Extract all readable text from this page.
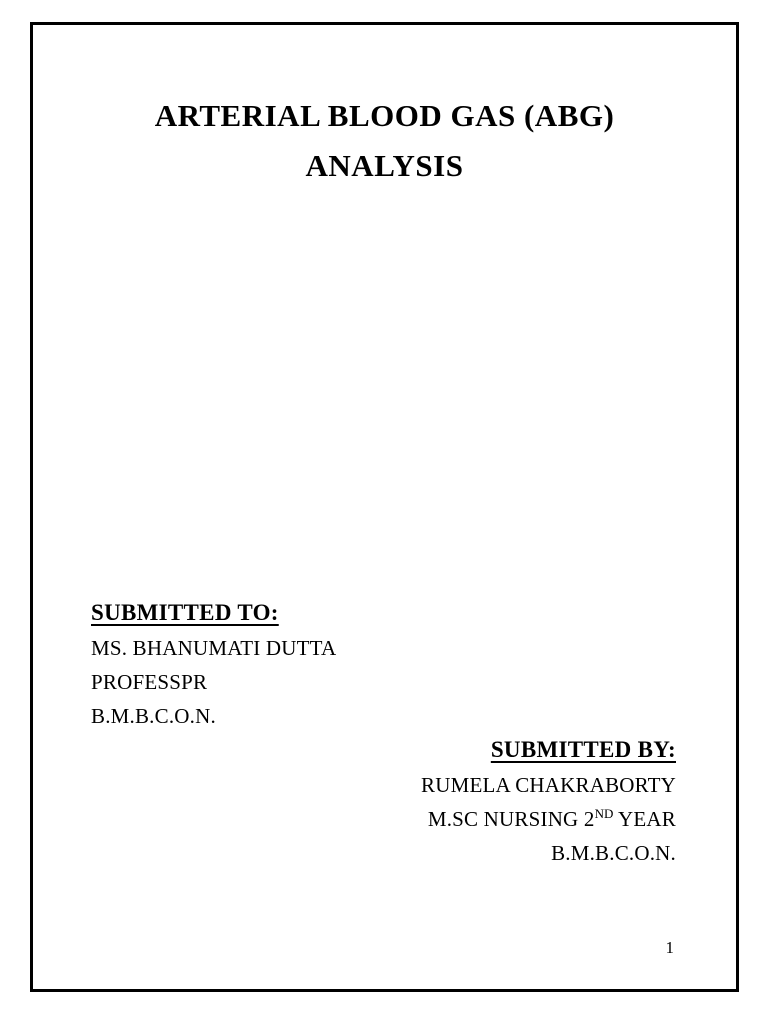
ARTERIAL BLOOD GAS (ABG)
ANALYSIS
SUBMITTED TO:
MS. BHANUMATI DUTTA
PROFESSPR
B.M.B.C.O.N.
SUBMITTED BY:
RUMELA CHAKRABORTY
M.SC NURSING 2ND YEAR
B.M.B.C.O.N.
1
